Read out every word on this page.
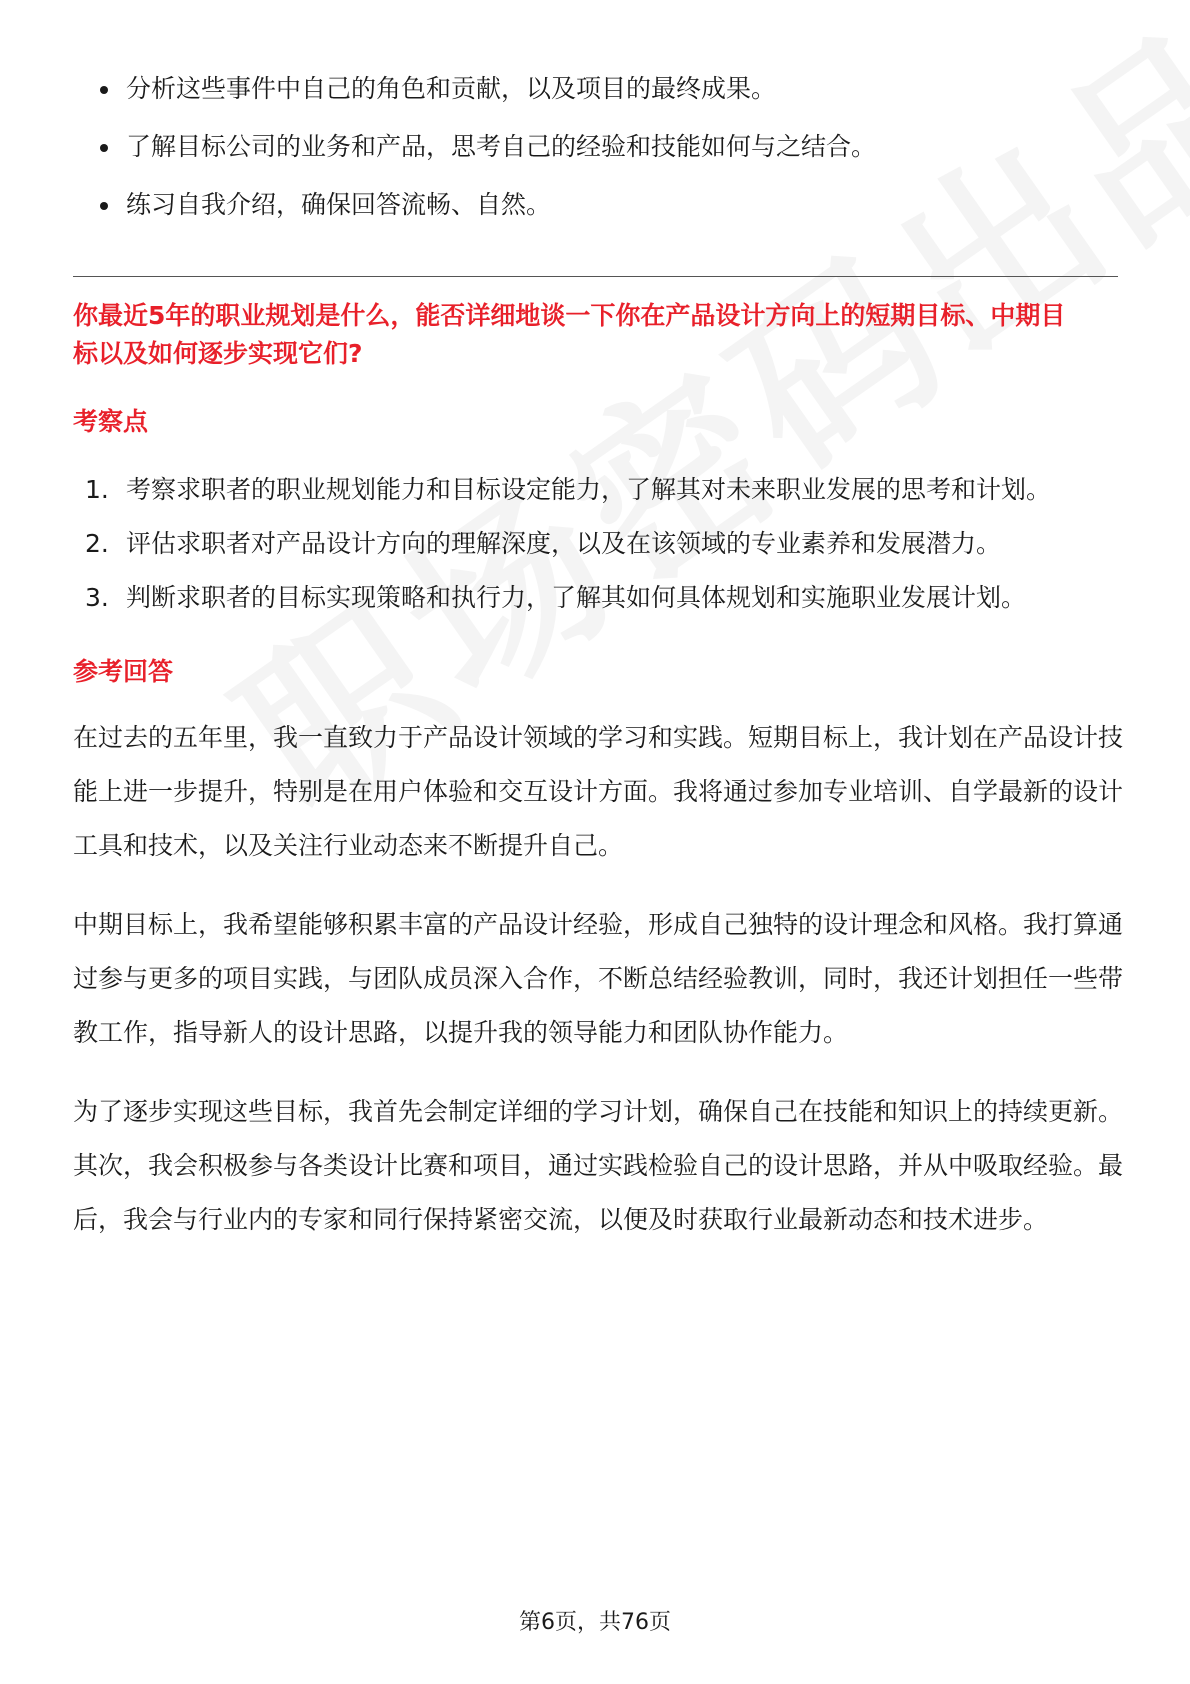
分析这些事件中自己的角色和贡献，以及项目的最终成果。
了解目标公司的业务和产品，思考自己的经验和技能如何与之结合。
练习自我介绍，确保回答流畅、自然。
你最近5年的职业规划是什么，能否详细地谈一下你在产品设计方向上的短期目标、中期目标以及如何逐步实现它们?
考察点
1. 考察求职者的职业规划能力和目标设定能力，了解其对未来职业发展的思考和计划。
2. 评估求职者对产品设计方向的理解深度，以及在该领域的专业素养和发展潜力。
3. 判断求职者的目标实现策略和执行力，了解其如何具体规划和实施职业发展计划。
参考回答

在过去的五年里，我一直致力于产品设计领域的学习和实践。短期目标上，我计划在产品设计技能上进一步提升，特别是在用户体验和交互设计方面。我将通过参加专业培训、自学最新的设计工具和技术，以及关注行业动态来不断提升自己。

中期目标上，我希望能够积累丰富的产品设计经验，形成自己独特的设计理念和风格。我打算通过参与更多的项目实践，与团队成员深入合作，不断总结经验教训，同时，我还计划担任一些带教工作，指导新人的设计思路，以提升我的领导能力和团队协作能力。

为了逐步实现这些目标，我首先会制定详细的学习计划，确保自己在技能和知识上的持续更新。其次，我会积极参与各类设计比赛和项目，通过实践检验自己的设计思路，并从中吸取经验。最后，我会与行业内的专家和同行保持紧密交流，以便及时获取行业最新动态和技术进步。

第6页，共76页
